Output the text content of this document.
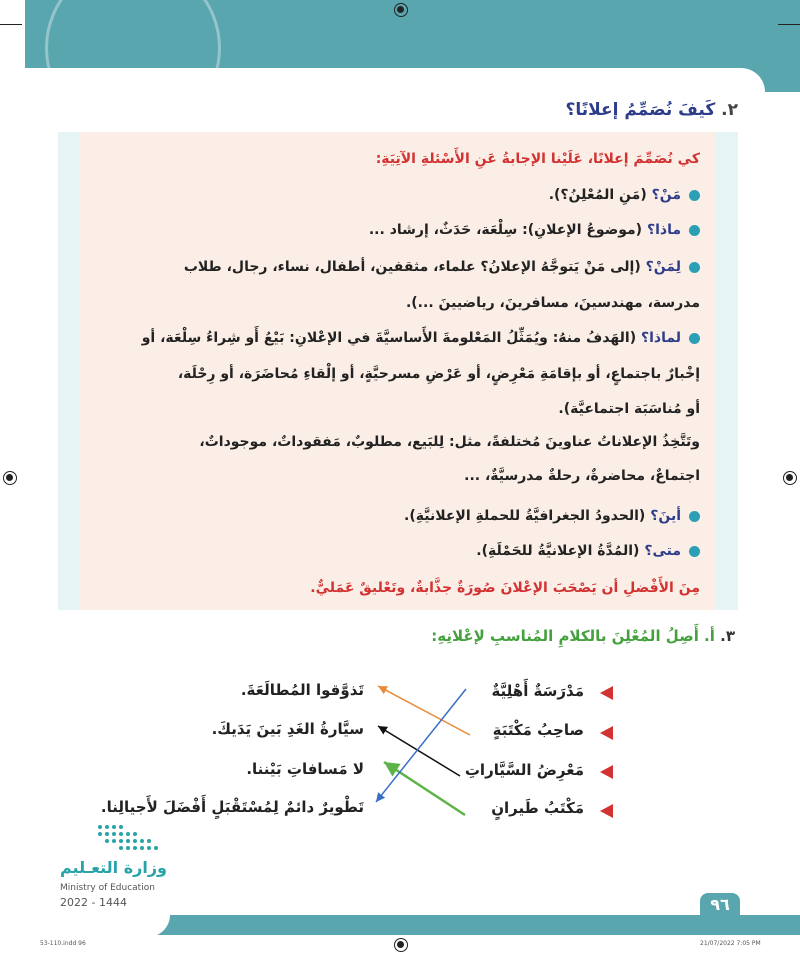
٢. كَيفَ نُصَمِّمُ إعلانًا؟
كي نُصَمِّمَ إعلانًا، عَلَيْنا الإجابةُ عَنِ الأَسْئلةِ الآتِيَةِ:
مَنْ؟ (مَنِ المُعْلِنُ؟).
ماذا؟ (موضوعُ الإعلانِ): سِلْعَة، حَدَثٌ، إرشاد ...
لِمَنْ؟ (إلى مَنْ يَتوجَّهُ الإعلانُ؟ علماء، مثقفين، أطفال، نساء، رجال، طلاب
مدرسة، مهندسينَ، مسافرينَ، رياضيينَ ...).
لماذا؟ (الهَدفُ منهُ: ويُمَثِّلُ المَعْلومةَ الأَساسيَّةَ في الإعْلانِ: بَيْعُ أَو شِراءُ سِلْعَة، أو
إخْبارٌ باجتماعٍ، أو بإقامَةِ مَعْرِضٍ، أو عَرْضِ مسرحيَّةٍ، أو إلْقاءِ مُحاضَرَة، أو رِحْلَة،
أو مُناسَبَة اجتماعيَّة).
وتَتَّخِذُ الإعلاناتُ عناوينَ مُختلفةً، مثل: لِلبَيع، مطلوبٌ، مَفقوداتٌ، موجوداتٌ،
اجتماعٌ، محاضرةٌ، رحلةٌ مدرسيَّةٌ، ...
أينَ؟ (الحدودُ الجغرافيَّةُ للحملةِ الإعلانيَّةِ).
متى؟ (المُدَّةُ الإعلانيَّةُ للحَمْلَةِ).
مِنَ الأَفْضلِ أن يَصْحَبَ الإعْلانَ صُورَةٌ جذَّابةٌ، وتَعْليقٌ عَمَليٌّ.
٣. أ. أَصِلُ المُعْلِنَ بالكلامِ المُناسبِ لإعْلانِهِ:
مَدْرَسَةٌ أَهْلِيَّةٌ
صاحِبُ مَكْتَبَةٍ
مَعْرِضُ السَّيَّاراتِ
مَكْتَبُ طَيرانٍ
تَذوَّقوا المُطالَعَةَ.
سيَّارةُ الغَدِ بَينَ يَدَيكَ.
لا مَسافاتِ بَيْننا.
تَطْويرٌ دائمٌ لِمُسْتَقْبَلٍ أَفْضَلَ لأَجيالِنا.
وزارة التعـليم
Ministry of Education
2022 - 1444	٩٦
53-110.indd 96	21/07/2022 7:05 PM
